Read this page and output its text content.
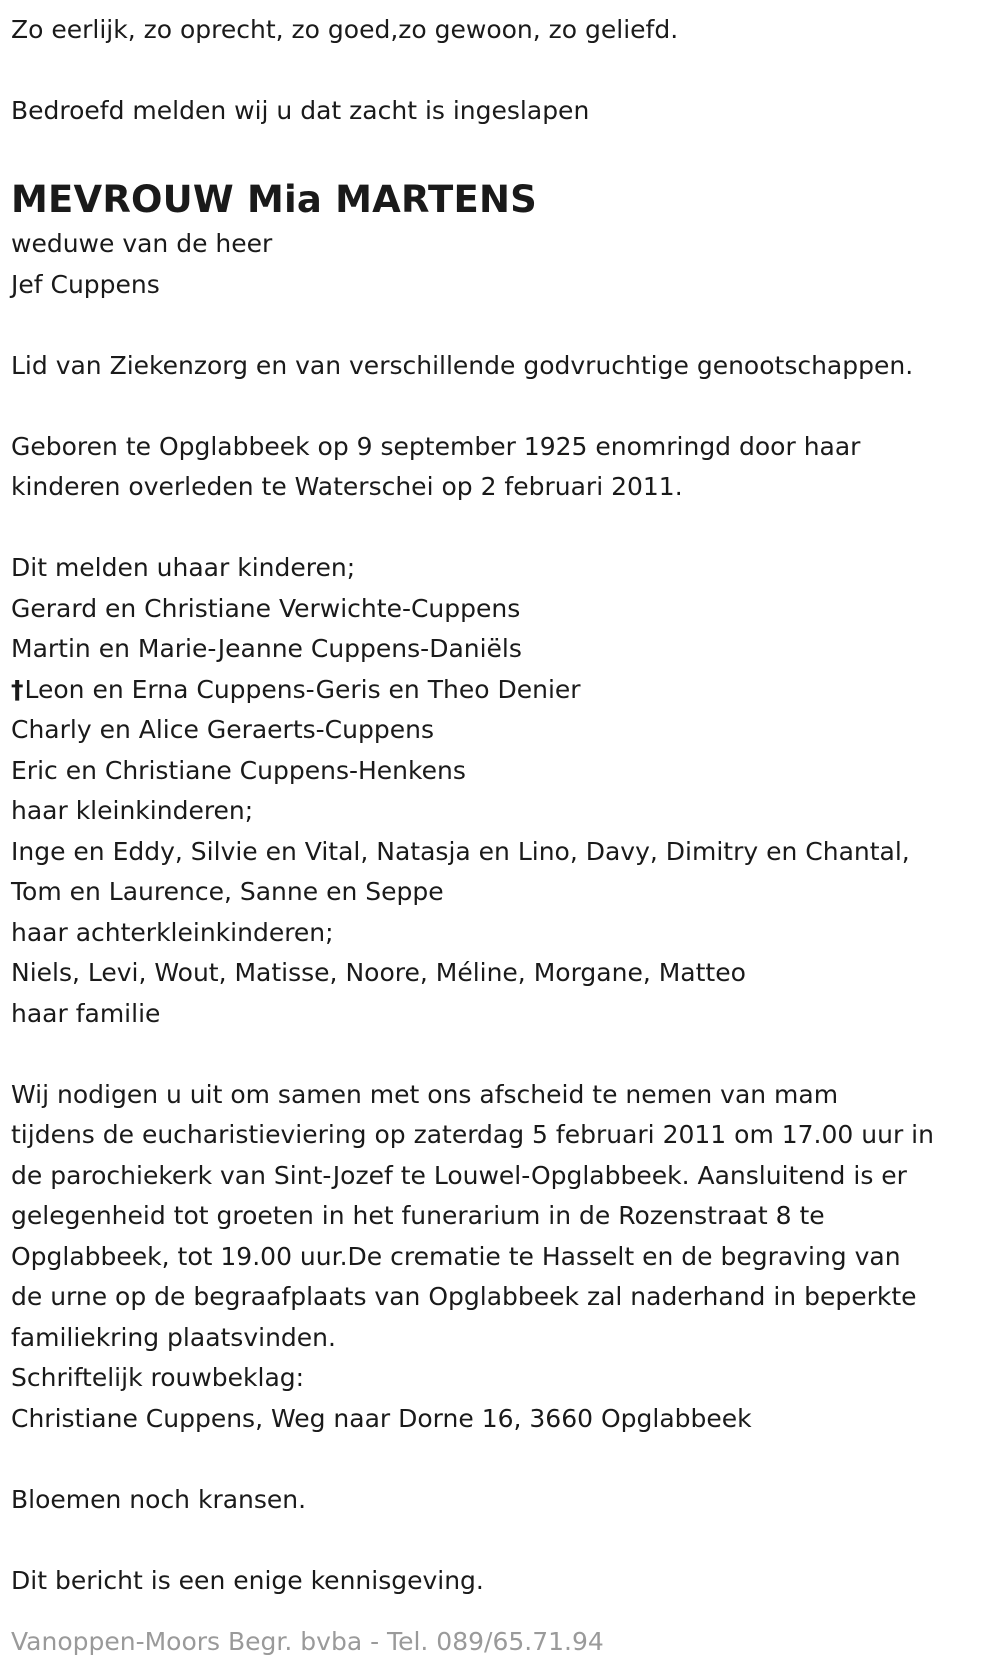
Zo eerlijk, zo oprecht, zo goed,zo gewoon, zo geliefd.
Bedroefd melden wij u dat zacht is ingeslapen
MEVROUW Mia MARTENS
weduwe van de heer
Jef Cuppens
Lid van Ziekenzorg en van verschillende godvruchtige genootschappen.
Geboren te Opglabbeek op 9 september 1925 enomringd door haar
kinderen overleden te Waterschei op 2 februari 2011.
Dit melden uhaar kinderen;
Gerard en Christiane Verwichte-Cuppens
Martin en Marie-Jeanne Cuppens-Daniëls
†Leon en Erna Cuppens-Geris en Theo Denier
Charly en Alice Geraerts-Cuppens
Eric en Christiane Cuppens-Henkens
haar kleinkinderen;
Inge en Eddy, Silvie en Vital, Natasja en Lino, Davy, Dimitry en Chantal,
Tom en Laurence, Sanne en Seppe
haar achterkleinkinderen;
Niels, Levi, Wout, Matisse, Noore, Méline, Morgane, Matteo
haar familie
Wij nodigen u uit om samen met ons afscheid te nemen van mam
tijdens de eucharistieviering op zaterdag 5 februari 2011 om 17.00 uur in
de parochiekerk van Sint-Jozef te Louwel-Opglabbeek. Aansluitend is er
gelegenheid tot groeten in het funerarium in de Rozenstraat 8 te
Opglabbeek, tot 19.00 uur.De crematie te Hasselt en de begraving van
de urne op de begraafplaats van Opglabbeek zal naderhand in beperkte
familiekring plaatsvinden.
Schriftelijk rouwbeklag:
Christiane Cuppens, Weg naar Dorne 16, 3660 Opglabbeek
Bloemen noch kransen.
Dit bericht is een enige kennisgeving.
Vanoppen-Moors Begr. bvba - Tel. 089/65.71.94
